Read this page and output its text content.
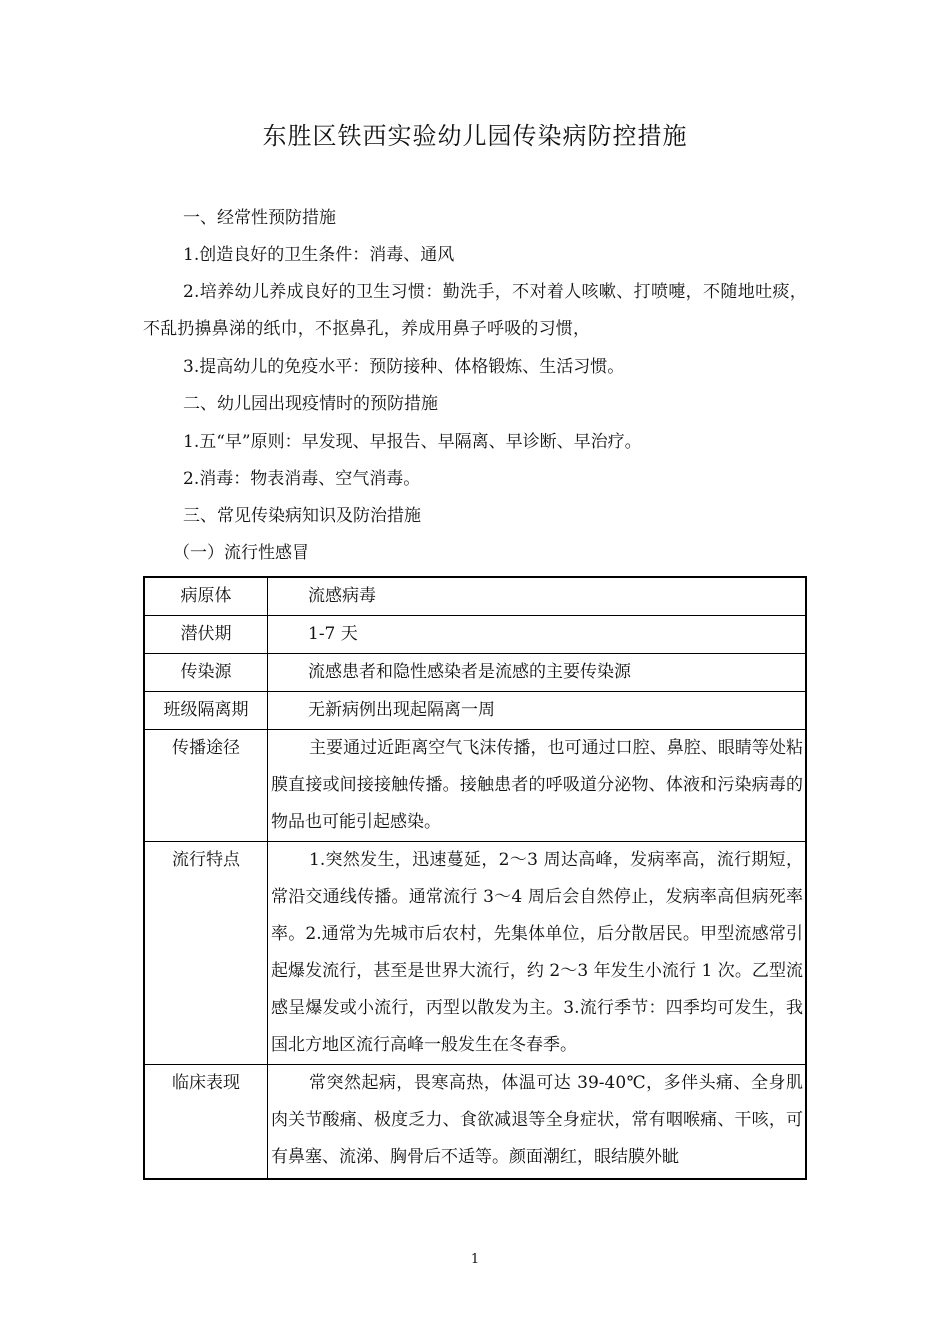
东胜区铁西实验幼儿园传染病防控措施
一、经常性预防措施
1.创造良好的卫生条件：消毒、通风
2.培养幼儿养成良好的卫生习惯：勤洗手，不对着人咳嗽、打喷嚏，不随地吐痰，不乱扔擤鼻涕的纸巾，不抠鼻孔，养成用鼻子呼吸的习惯，
3.提高幼儿的免疫水平：预防接种、体格锻炼、生活习惯。
二、幼儿园出现疫情时的预防措施
1.五“早”原则：早发现、早报告、早隔离、早诊断、早治疗。
2.消毒：物表消毒、空气消毒。
三、常见传染病知识及防治措施
（一）流行性感冒
病原体	流感病毒
潜伏期	1-7 天
传染源	流感患者和隐性感染者是流感的主要传染源
班级隔离期	无新病例出现起隔离一周
传播途径	主要通过近距离空气飞沫传播，也可通过口腔、鼻腔、眼睛等处粘膜直接或间接接触传播。接触患者的呼吸道分泌物、体液和污染病毒的物品也可能引起感染。
流行特点	1.突然发生，迅速蔓延，2～3 周达高峰，发病率高，流行期短，常沿交通线传播。通常流行 3～4 周后会自然停止，发病率高但病死率率。2.通常为先城市后农村，先集体单位，后分散居民。甲型流感常引起爆发流行，甚至是世界大流行，约 2～3 年发生小流行 1 次。乙型流感呈爆发或小流行，丙型以散发为主。3.流行季节：四季均可发生，我国北方地区流行高峰一般发生在冬春季。
临床表现	常突然起病，畏寒高热，体温可达 39-40℃，多伴头痛、全身肌肉关节酸痛、极度乏力、食欲减退等全身症状，常有咽喉痛、干咳，可有鼻塞、流涕、胸骨后不适等。颜面潮红，眼结膜外眦
1
